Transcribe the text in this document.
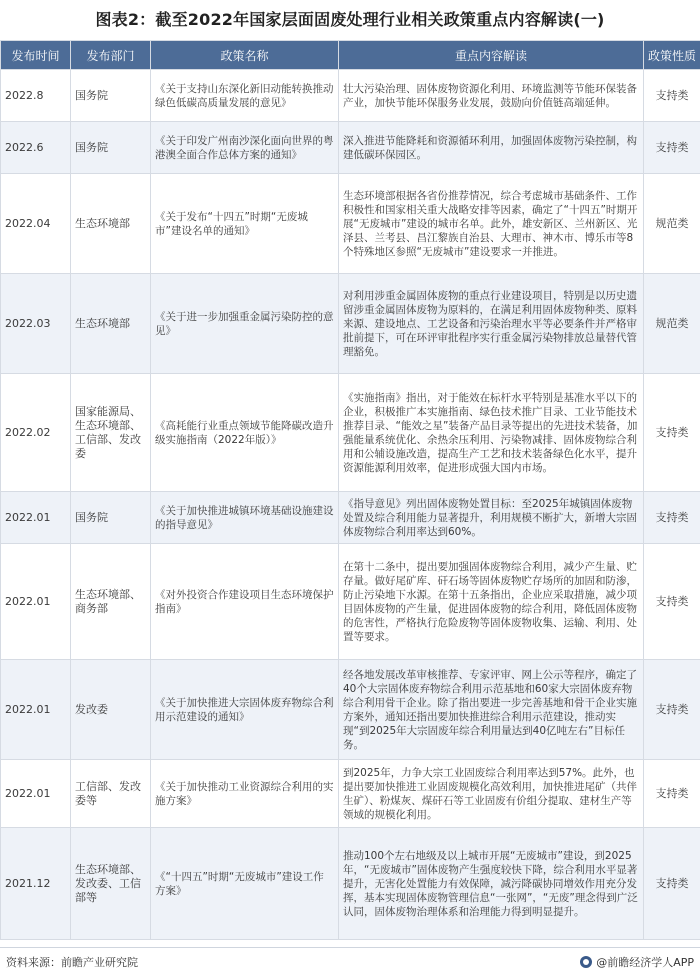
图表2：截至2022年国家层面固废处理行业相关政策重点内容解读(一)
发布时间	发布部门	政策名称	重点内容解读	政策性质
2022.8	国务院	《关于支持山东深化新旧动能转换推动绿色低碳高质量发展的意见》	壮大污染治理、固体废物资源化利用、环境监测等节能环保装备产业，加快节能环保服务业发展，鼓励向价值链高端延伸。	支持类
2022.6	国务院	《关于印发广州南沙深化面向世界的粤港澳全面合作总体方案的通知》	深入推进节能降耗和资源循环利用，加强固体废物污染控制，构建低碳环保园区。	支持类
2022.04	生态环境部	《关于发布“十四五”时期“无废城市”建设名单的通知》	生态环境部根据各省份推荐情况，综合考虑城市基础条件、工作积极性和国家相关重大战略安排等因素，确定了“十四五”时期开展“无废城市”建设的城市名单。此外，雄安新区、兰州新区、光泽县、兰考县、昌江黎族自治县、大理市、神木市、博乐市等8个特殊地区参照“无废城市”建设要求一并推进。	规范类
2022.03	生态环境部	《关于进一步加强重金属污染防控的意见》	对利用涉重金属固体废物的重点行业建设项目，特别是以历史遗留涉重金属固体废物为原料的，在满足利用固体废物种类、原料来源、建设地点、工艺设备和污染治理水平等必要条件并严格审批前提下，可在环评审批程序实行重金属污染物排放总量替代管理豁免。	规范类
2022.02	国家能源局、生态环境部、工信部、发改委	《高耗能行业重点领域节能降碳改造升级实施指南（2022年版）》	《实施指南》指出，对于能效在标杆水平特别是基准水平以下的企业，积极推广本实施指南、绿色技术推广目录、工业节能技术推荐目录、“能效之星”装备产品目录等提出的先进技术装备，加强能量系统优化、余热余压利用、污染物减排、固体废物综合利用和公辅设施改造，提高生产工艺和技术装备绿色化水平，提升资源能源利用效率，促进形成强大国内市场。	支持类
2022.01	国务院	《关于加快推进城镇环境基础设施建设的指导意见》	《指导意见》列出固体废物处置目标：至2025年城镇固体废物处置及综合利用能力显著提升，利用规模不断扩大，新增大宗固体废物综合利用率达到60%。	支持类
2022.01	生态环境部、商务部	《对外投资合作建设项目生态环境保护指南》	在第十二条中，提出要加强固体废物综合利用，减少产生量、贮存量。做好尾矿库、矸石场等固体废物贮存场所的加固和防渗，防止污染地下水源。在第十五条指出，企业应采取措施，减少项目固体废物的产生量，促进固体废物的综合利用，降低固体废物的危害性，严格执行危险废物等固体废物收集、运输、利用、处置等要求。	支持类
2022.01	发改委	《关于加快推进大宗固体废弃物综合利用示范建设的通知》	经各地发展改革审核推荐、专家评审、网上公示等程序，确定了40个大宗固体废弃物综合利用示范基地和60家大宗固体废弃物综合利用骨干企业。除了指出要进一步完善基地和骨干企业实施方案外，通知还指出要加快推进综合利用示范建设，推动实现“到2025年大宗固废年综合利用量达到40亿吨左右”目标任务。	支持类
2022.01	工信部、发改委等	《关于加快推动工业资源综合利用的实施方案》	到2025年，力争大宗工业固废综合利用率达到57%。此外，也提出要加快推进工业固废规模化高效利用，加快推进尾矿（共伴生矿）、粉煤灰、煤矸石等工业固废有价组分提取、建材生产等领域的规模化利用。	支持类
2021.12	生态环境部、发改委、工信部等	《“十四五”时期“无废城市”建设工作方案》	推动100个左右地级及以上城市开展“无废城市”建设，到2025年，“无废城市”固体废物产生强度较快下降，综合利用水平显著提升，无害化处置能力有效保障，减污降碳协同增效作用充分发挥，基本实现固体废物管理信息“一张网”，“无废”理念得到广泛认同，固体废物治理体系和治理能力得到明显提升。	支持类
资料来源：前瞻产业研究院	@前瞻经济学人APP
